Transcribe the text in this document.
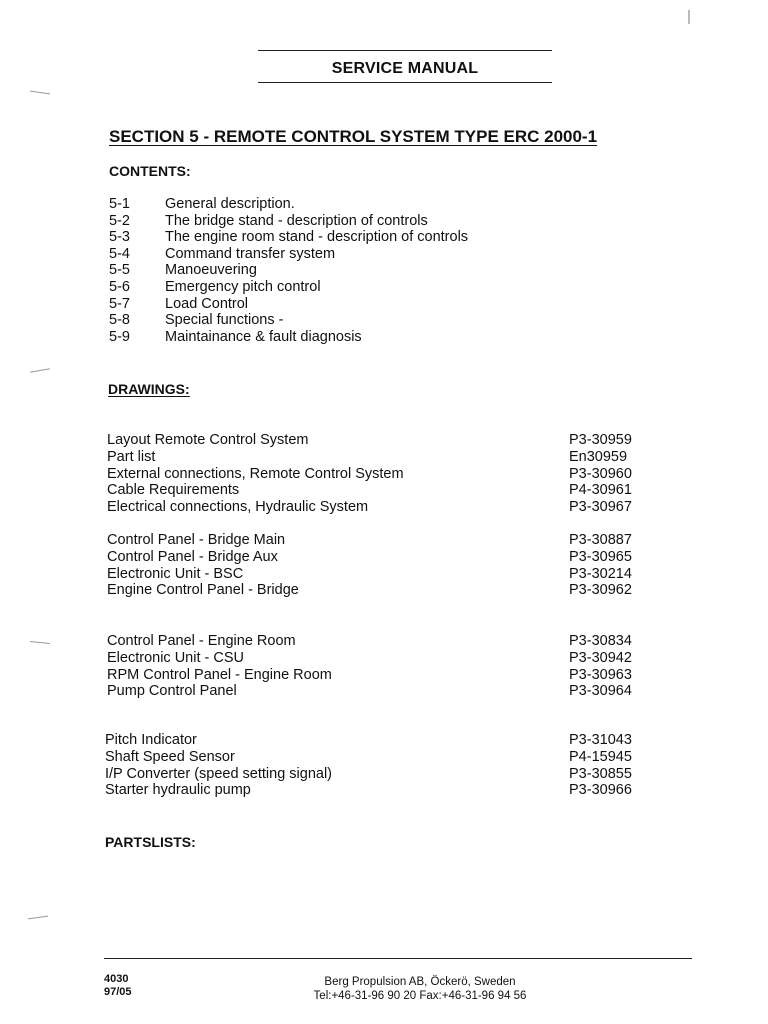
SERVICE MANUAL
SECTION 5 - REMOTE CONTROL SYSTEM TYPE ERC 2000-1
CONTENTS:
5-1	General description.
5-2	The bridge stand - description of controls
5-3	The engine room stand - description of controls
5-4	Command transfer system
5-5	Manoeuvering
5-6	Emergency pitch control
5-7	Load Control
5-8	Special functions -
5-9	Maintainance & fault diagnosis
DRAWINGS:
Layout Remote Control System	P3-30959
Part list	En30959
External connections, Remote Control System	P3-30960
Cable Requirements	P4-30961
Electrical connections, Hydraulic System	P3-30967
Control Panel - Bridge Main	P3-30887
Control Panel - Bridge Aux	P3-30965
Electronic Unit - BSC	P3-30214
Engine Control Panel - Bridge	P3-30962
Control Panel - Engine Room	P3-30834
Electronic Unit - CSU	P3-30942
RPM Control Panel - Engine Room	P3-30963
Pump Control Panel	P3-30964
Pitch Indicator	P3-31043
Shaft Speed Sensor	P4-15945
I/P Converter (speed setting signal)	P3-30855
Starter hydraulic pump	P3-30966
PARTSLISTS:
4030
97/05
Berg Propulsion AB, Öckerö, Sweden
Tel:+46-31-96 90 20 Fax:+46-31-96 94 56
